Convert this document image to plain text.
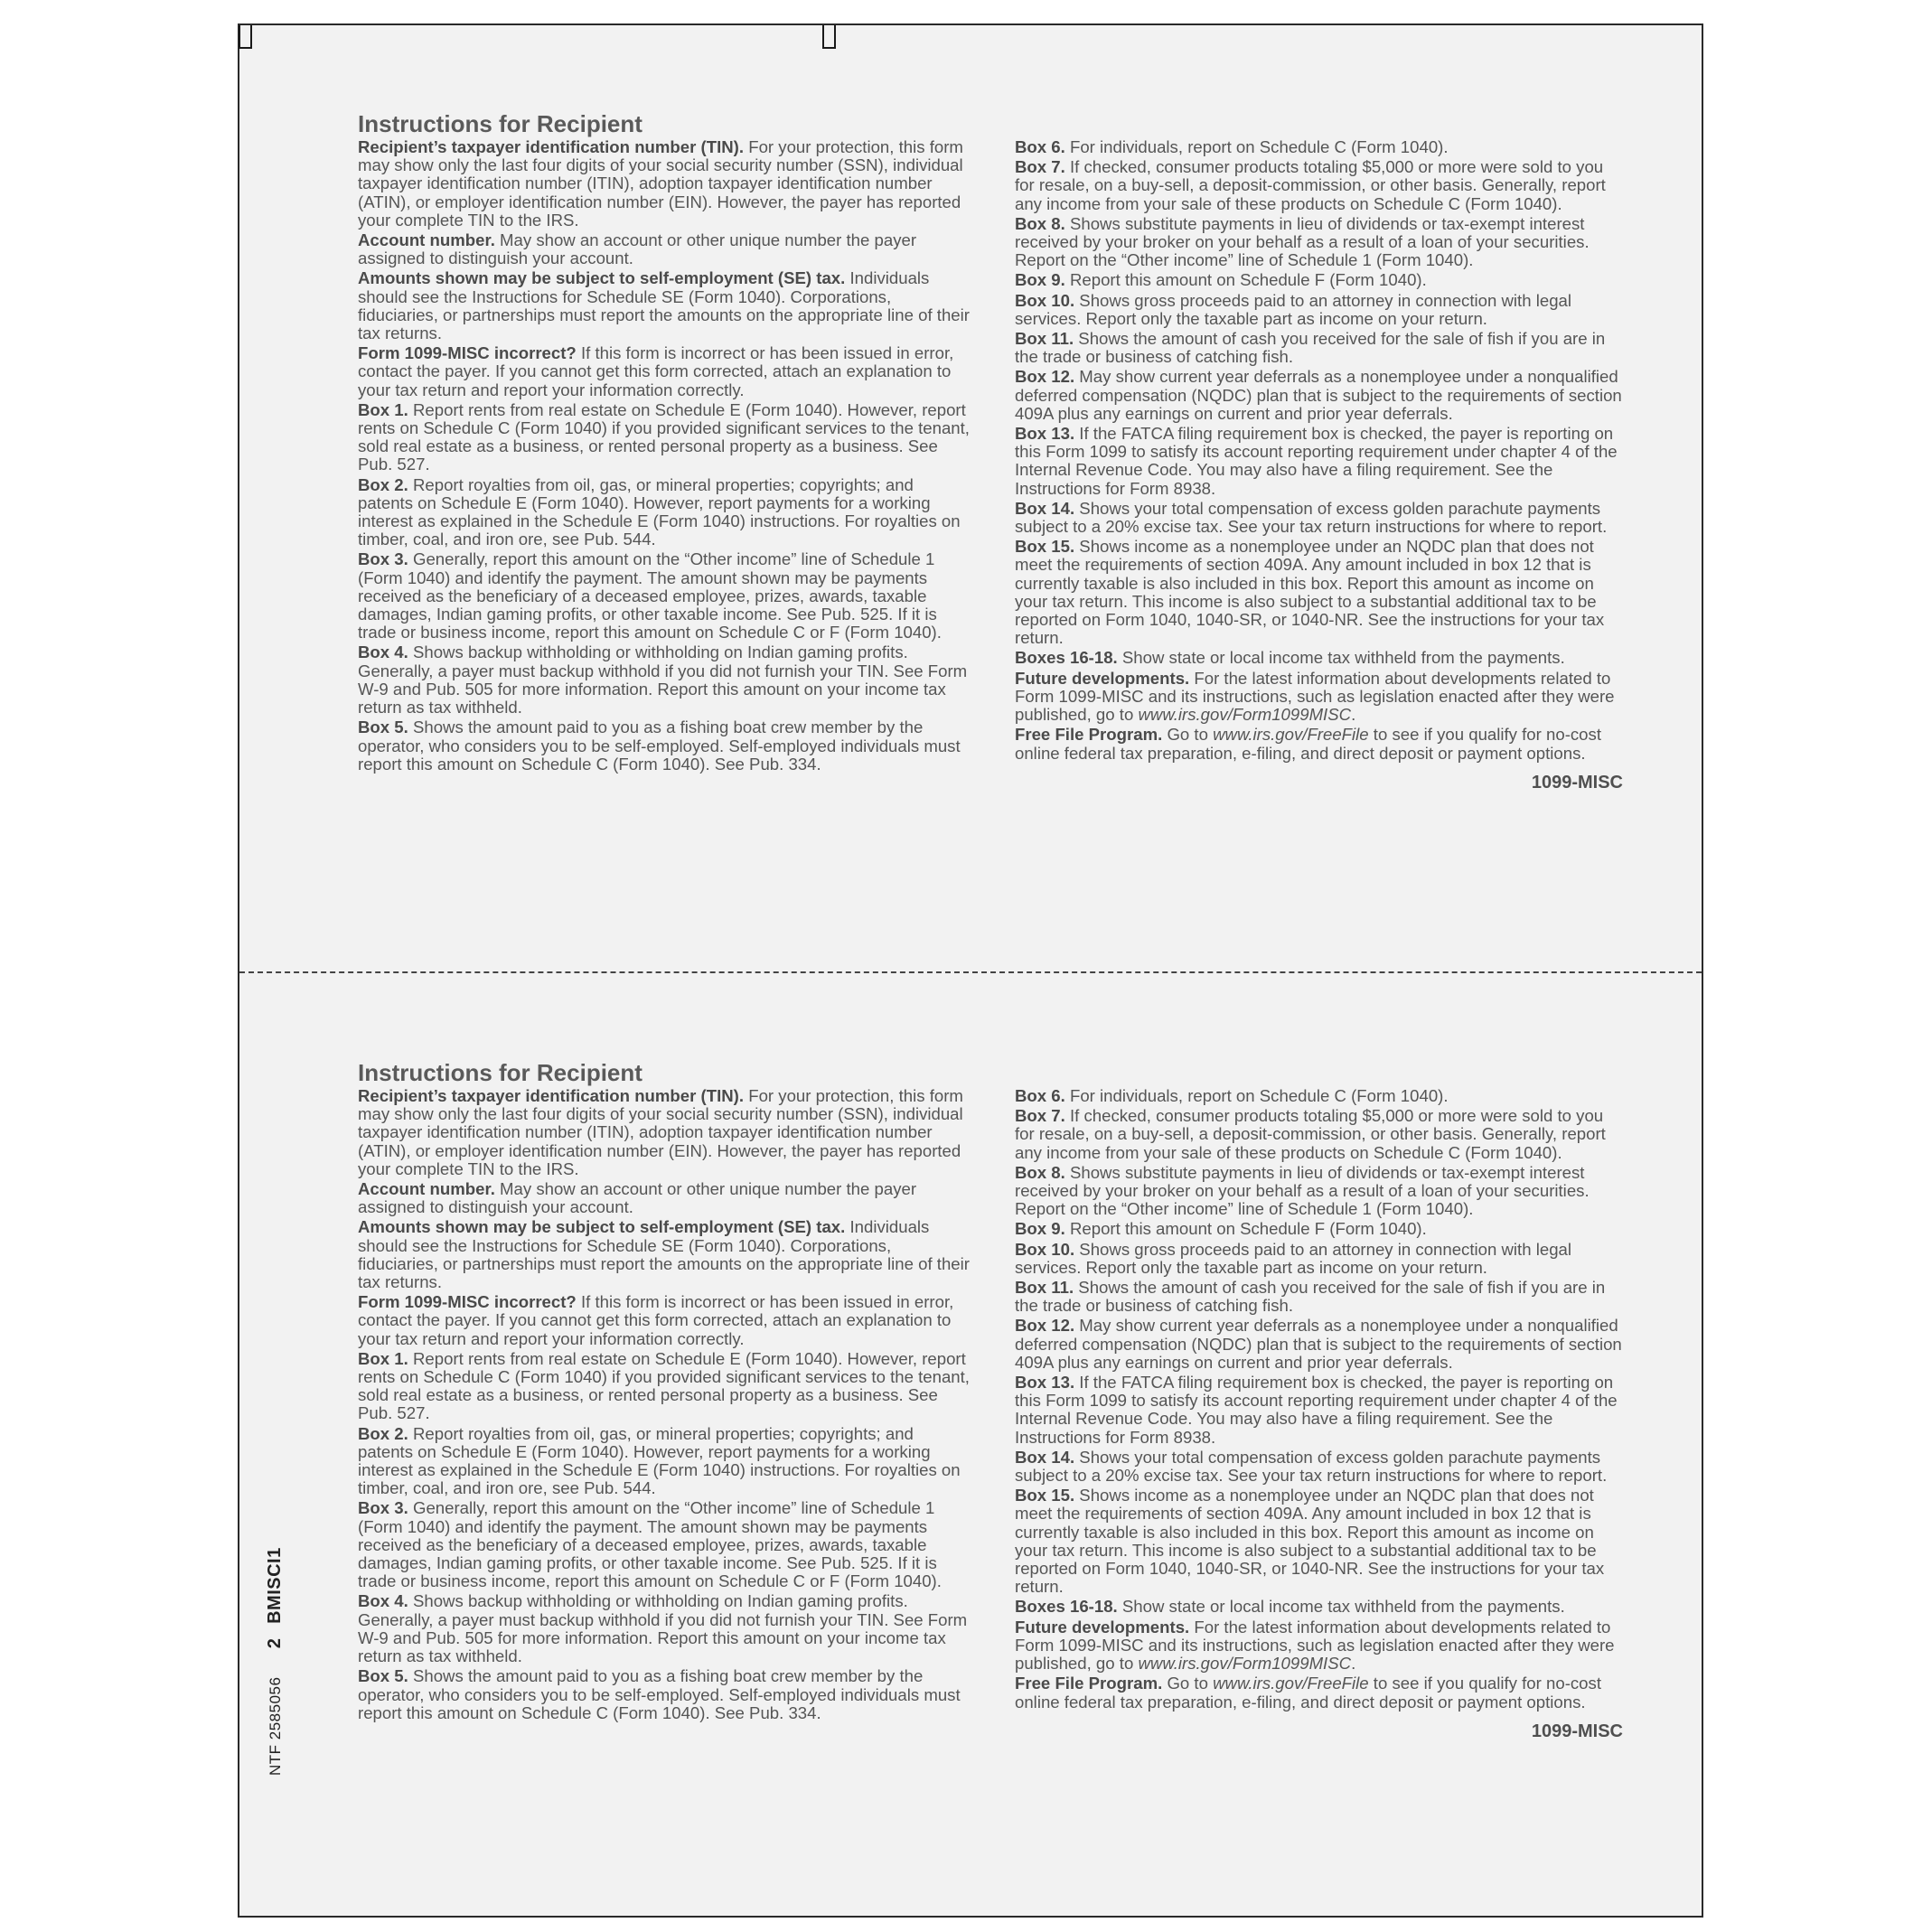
Instructions for Recipient
Recipient’s taxpayer identification number (TIN). For your protection, this form may show only the last four digits of your social security number (SSN), individual taxpayer identification number (ITIN), adoption taxpayer identification number (ATIN), or employer identification number (EIN). However, the payer has reported your complete TIN to the IRS.
Account number. May show an account or other unique number the payer assigned to distinguish your account.
Amounts shown may be subject to self-employment (SE) tax. Individuals should see the Instructions for Schedule SE (Form 1040). Corporations, fiduciaries, or partnerships must report the amounts on the appropriate line of their tax returns.
Form 1099-MISC incorrect? If this form is incorrect or has been issued in error, contact the payer. If you cannot get this form corrected, attach an explanation to your tax return and report your information correctly.
Box 1. Report rents from real estate on Schedule E (Form 1040). However, report rents on Schedule C (Form 1040) if you provided significant services to the tenant, sold real estate as a business, or rented personal property as a business. See Pub. 527.
Box 2. Report royalties from oil, gas, or mineral properties; copyrights; and patents on Schedule E (Form 1040). However, report payments for a working interest as explained in the Schedule E (Form 1040) instructions. For royalties on timber, coal, and iron ore, see Pub. 544.
Box 3. Generally, report this amount on the “Other income” line of Schedule 1 (Form 1040) and identify the payment. The amount shown may be payments received as the beneficiary of a deceased employee, prizes, awards, taxable damages, Indian gaming profits, or other taxable income. See Pub. 525. If it is trade or business income, report this amount on Schedule C or F (Form 1040).
Box 4. Shows backup withholding or withholding on Indian gaming profits. Generally, a payer must backup withhold if you did not furnish your TIN. See Form W-9 and Pub. 505 for more information. Report this amount on your income tax return as tax withheld.
Box 5. Shows the amount paid to you as a fishing boat crew member by the operator, who considers you to be self-employed. Self-employed individuals must report this amount on Schedule C (Form 1040). See Pub. 334.
Box 6. For individuals, report on Schedule C (Form 1040).
Box 7. If checked, consumer products totaling $5,000 or more were sold to you for resale, on a buy-sell, a deposit-commission, or other basis. Generally, report any income from your sale of these products on Schedule C (Form 1040).
Box 8. Shows substitute payments in lieu of dividends or tax-exempt interest received by your broker on your behalf as a result of a loan of your securities. Report on the “Other income” line of Schedule 1 (Form 1040).
Box 9. Report this amount on Schedule F (Form 1040).
Box 10. Shows gross proceeds paid to an attorney in connection with legal services. Report only the taxable part as income on your return.
Box 11. Shows the amount of cash you received for the sale of fish if you are in the trade or business of catching fish.
Box 12. May show current year deferrals as a nonemployee under a nonqualified deferred compensation (NQDC) plan that is subject to the requirements of section 409A plus any earnings on current and prior year deferrals.
Box 13. If the FATCA filing requirement box is checked, the payer is reporting on this Form 1099 to satisfy its account reporting requirement under chapter 4 of the Internal Revenue Code. You may also have a filing requirement. See the Instructions for Form 8938.
Box 14. Shows your total compensation of excess golden parachute payments subject to a 20% excise tax. See your tax return instructions for where to report.
Box 15. Shows income as a nonemployee under an NQDC plan that does not meet the requirements of section 409A. Any amount included in box 12 that is currently taxable is also included in this box. Report this amount as income on your tax return. This income is also subject to a substantial additional tax to be reported on Form 1040, 1040-SR, or 1040-NR. See the instructions for your tax return.
Boxes 16-18. Show state or local income tax withheld from the payments.
Future developments. For the latest information about developments related to Form 1099-MISC and its instructions, such as legislation enacted after they were published, go to www.irs.gov/Form1099MISC.
Free File Program. Go to www.irs.gov/FreeFile to see if you qualify for no-cost online federal tax preparation, e-filing, and direct deposit or payment options.
1099-MISC
Instructions for Recipient
Recipient’s taxpayer identification number (TIN). For your protection, this form may show only the last four digits of your social security number (SSN), individual taxpayer identification number (ITIN), adoption taxpayer identification number (ATIN), or employer identification number (EIN). However, the payer has reported your complete TIN to the IRS.
Account number. May show an account or other unique number the payer assigned to distinguish your account.
Amounts shown may be subject to self-employment (SE) tax. Individuals should see the Instructions for Schedule SE (Form 1040). Corporations, fiduciaries, or partnerships must report the amounts on the appropriate line of their tax returns.
Form 1099-MISC incorrect? If this form is incorrect or has been issued in error, contact the payer. If you cannot get this form corrected, attach an explanation to your tax return and report your information correctly.
Box 1. Report rents from real estate on Schedule E (Form 1040). However, report rents on Schedule C (Form 1040) if you provided significant services to the tenant, sold real estate as a business, or rented personal property as a business. See Pub. 527.
Box 2. Report royalties from oil, gas, or mineral properties; copyrights; and patents on Schedule E (Form 1040). However, report payments for a working interest as explained in the Schedule E (Form 1040) instructions. For royalties on timber, coal, and iron ore, see Pub. 544.
Box 3. Generally, report this amount on the “Other income” line of Schedule 1 (Form 1040) and identify the payment. The amount shown may be payments received as the beneficiary of a deceased employee, prizes, awards, taxable damages, Indian gaming profits, or other taxable income. See Pub. 525. If it is trade or business income, report this amount on Schedule C or F (Form 1040).
Box 4. Shows backup withholding or withholding on Indian gaming profits. Generally, a payer must backup withhold if you did not furnish your TIN. See Form W-9 and Pub. 505 for more information. Report this amount on your income tax return as tax withheld.
Box 5. Shows the amount paid to you as a fishing boat crew member by the operator, who considers you to be self-employed. Self-employed individuals must report this amount on Schedule C (Form 1040). See Pub. 334.
Box 6. For individuals, report on Schedule C (Form 1040).
Box 7. If checked, consumer products totaling $5,000 or more were sold to you for resale, on a buy-sell, a deposit-commission, or other basis. Generally, report any income from your sale of these products on Schedule C (Form 1040).
Box 8. Shows substitute payments in lieu of dividends or tax-exempt interest received by your broker on your behalf as a result of a loan of your securities. Report on the “Other income” line of Schedule 1 (Form 1040).
Box 9. Report this amount on Schedule F (Form 1040).
Box 10. Shows gross proceeds paid to an attorney in connection with legal services. Report only the taxable part as income on your return.
Box 11. Shows the amount of cash you received for the sale of fish if you are in the trade or business of catching fish.
Box 12. May show current year deferrals as a nonemployee under a nonqualified deferred compensation (NQDC) plan that is subject to the requirements of section 409A plus any earnings on current and prior year deferrals.
Box 13. If the FATCA filing requirement box is checked, the payer is reporting on this Form 1099 to satisfy its account reporting requirement under chapter 4 of the Internal Revenue Code. You may also have a filing requirement. See the Instructions for Form 8938.
Box 14. Shows your total compensation of excess golden parachute payments subject to a 20% excise tax. See your tax return instructions for where to report.
Box 15. Shows income as a nonemployee under an NQDC plan that does not meet the requirements of section 409A. Any amount included in box 12 that is currently taxable is also included in this box. Report this amount as income on your tax return. This income is also subject to a substantial additional tax to be reported on Form 1040, 1040-SR, or 1040-NR. See the instructions for your tax return.
Boxes 16-18. Show state or local income tax withheld from the payments.
Future developments. For the latest information about developments related to Form 1099-MISC and its instructions, such as legislation enacted after they were published, go to www.irs.gov/Form1099MISC.
Free File Program. Go to www.irs.gov/FreeFile to see if you qualify for no-cost online federal tax preparation, e-filing, and direct deposit or payment options.
1099-MISC
NTF 2585056      2   BMISCI1
